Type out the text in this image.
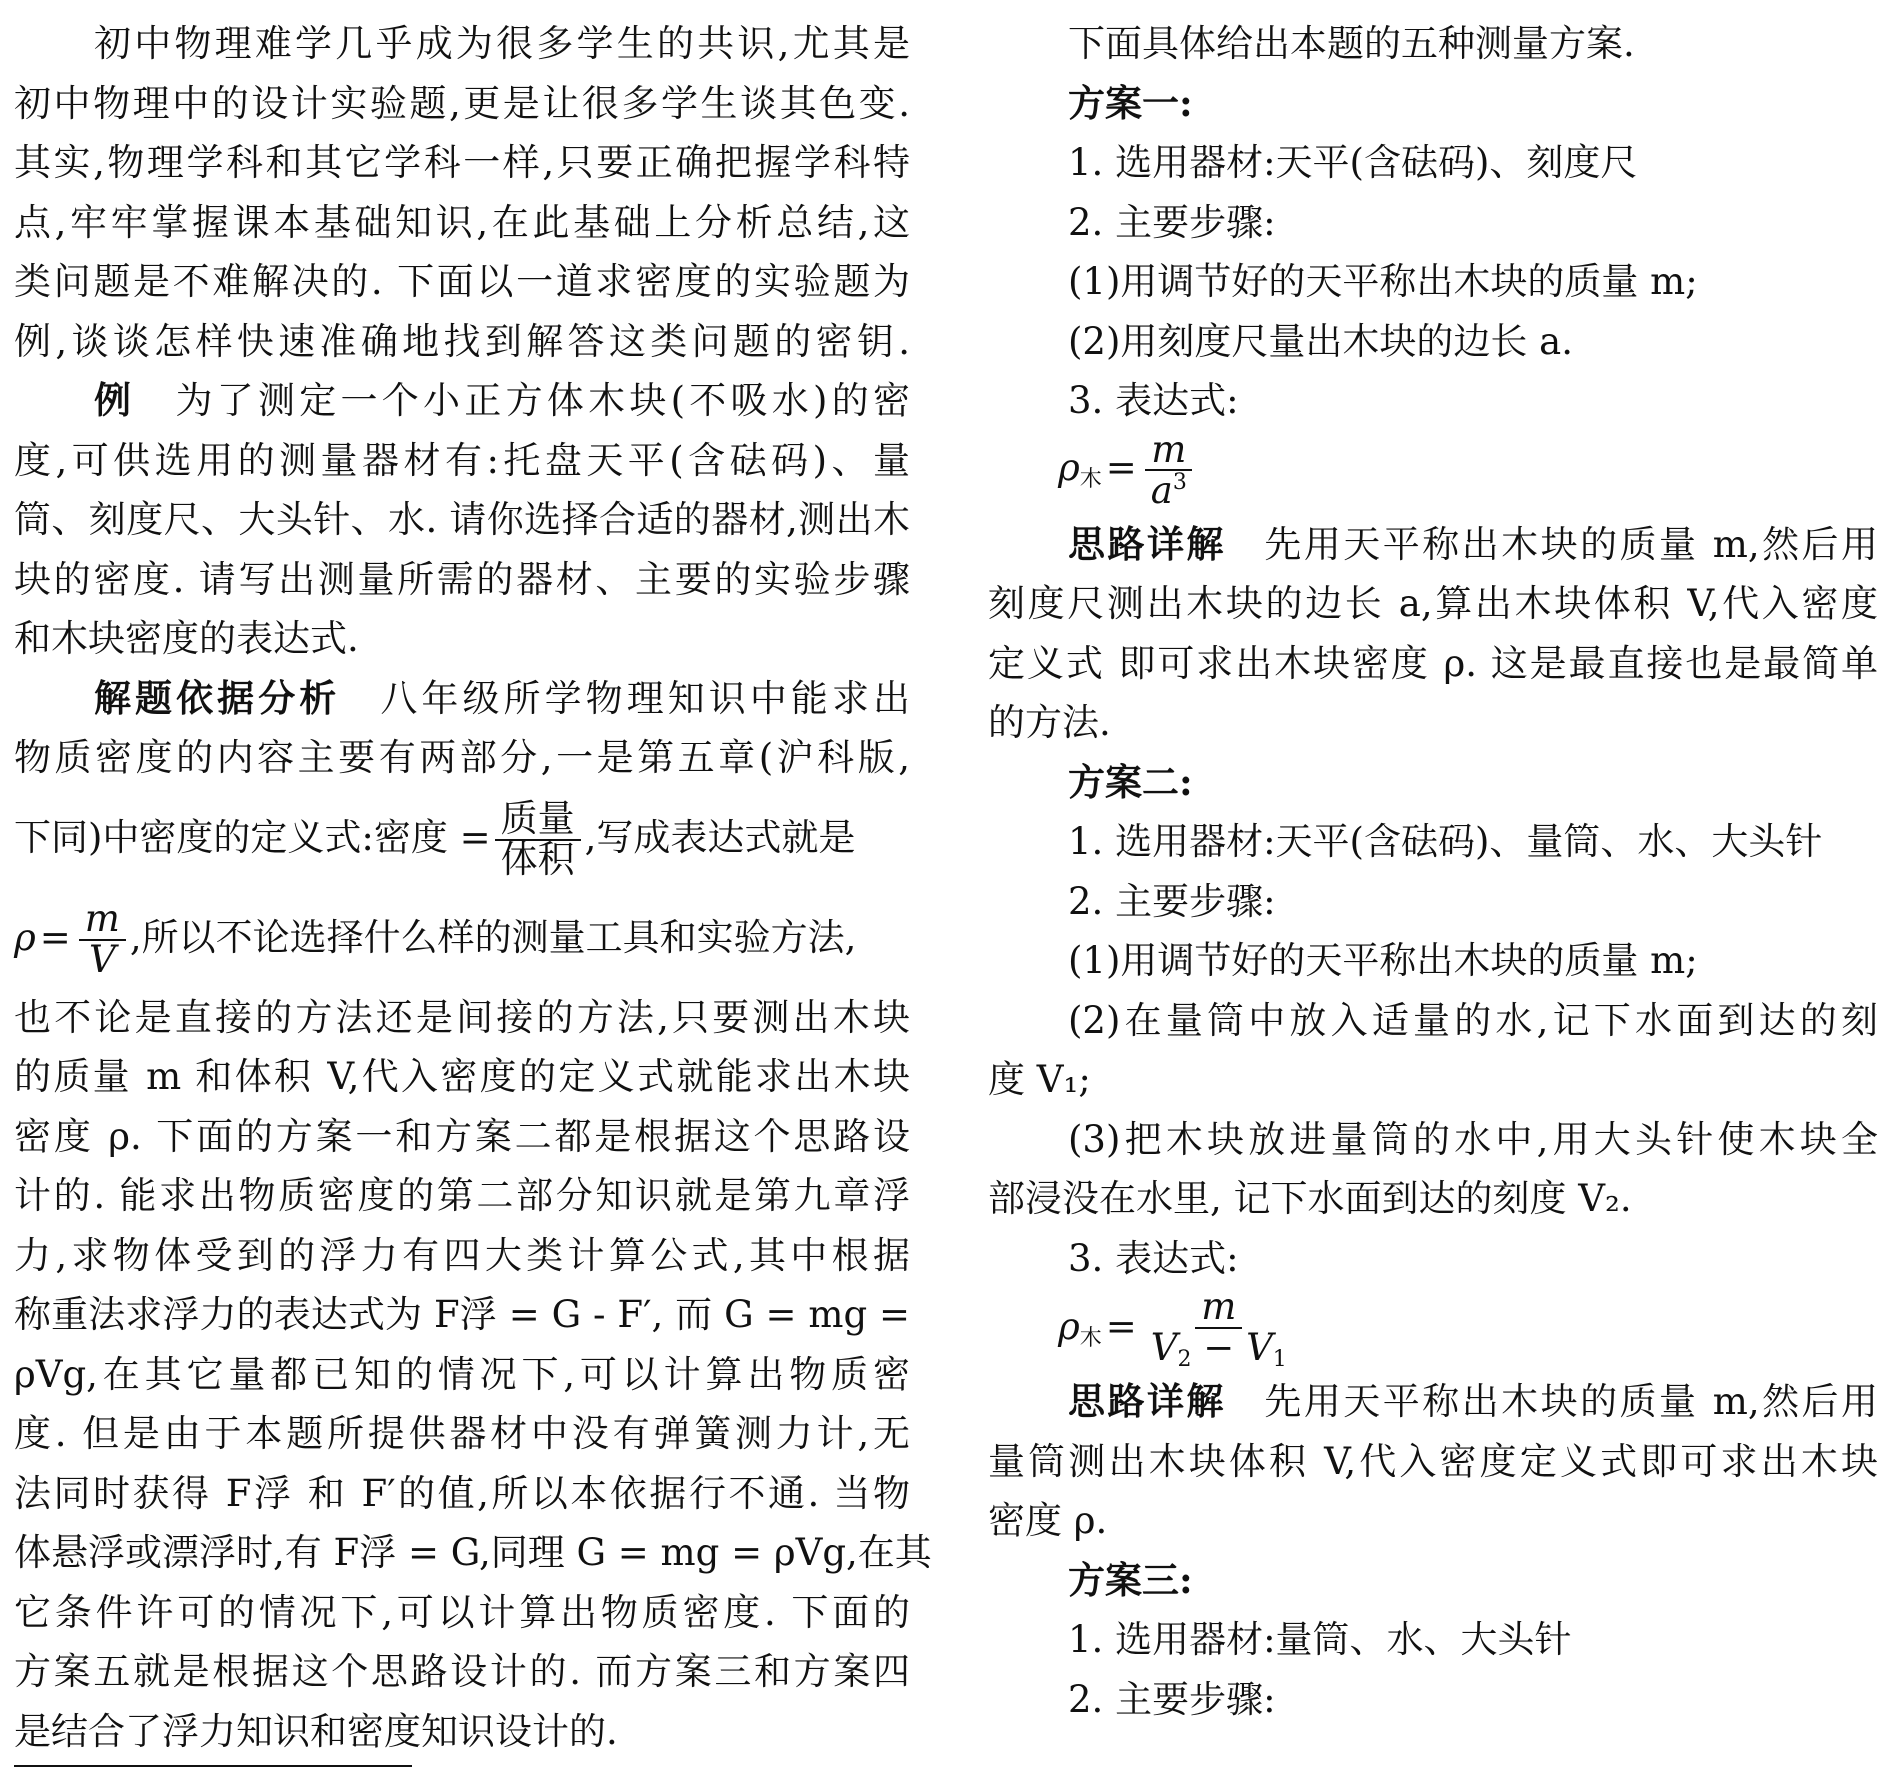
初中物理难学几乎成为很多学生的共识,尤其是
初中物理中的设计实验题,更是让很多学生谈其色变.
其实,物理学科和其它学科一样,只要正确把握学科特
点,牢牢掌握课本基础知识,在此基础上分析总结,这
类问题是不难解决的. 下面以一道求密度的实验题为
例,谈谈怎样快速准确地找到解答这类问题的密钥.
例 为了测定一个小正方体木块(不吸水)的密
度,可供选用的测量器材有:托盘天平(含砝码)、量
筒、刻度尺、大头针、水. 请你选择合适的器材,测出木
块的密度. 请写出测量所需的器材、主要的实验步骤
和木块密度的表达式.
解题依据分析 八年级所学物理知识中能求出
物质密度的内容主要有两部分,一是第五章(沪科版,
下同)中密度的定义式:密度 = $\frac{\text{质量}}{\text{体积}}$ ,写成表达式就是
$\rho = \frac{m}{V}$ ,所以不论选择什么样的测量工具和实验方法,
也不论是直接的方法还是间接的方法,只要测出木块
的质量 m 和体积 V,代入密度的定义式就能求出木块
密度 ρ. 下面的方案一和方案二都是根据这个思路设
计的. 能求出物质密度的第二部分知识就是第九章浮
力,求物体受到的浮力有四大类计算公式,其中根据
称重法求浮力的表达式为 F浮 = G - F′, 而 G = mg =
ρVg,在其它量都已知的情况下,可以计算出物质密
度. 但是由于本题所提供器材中没有弹簧测力计,无
法同时获得 F浮 和 F′的值,所以本依据行不通. 当物
体悬浮或漂浮时,有 F浮 = G,同理 G = mg = ρVg,在其
它条件许可的情况下,可以计算出物质密度. 下面的
方案五就是根据这个思路设计的. 而方案三和方案四
是结合了浮力知识和密度知识设计的.
下面具体给出本题的五种测量方案.
方案一:
1. 选用器材:天平(含砝码)、刻度尺
2. 主要步骤:
(1)用调节好的天平称出木块的质量 m;
(2)用刻度尺量出木块的边长 a.
3. 表达式:
$\rho_木 = \frac{m}{a^3}$
思路详解 先用天平称出木块的质量 m,然后用
刻度尺测出木块的边长 a,算出木块体积 V,代入密度
定义式 即可求出木块密度 ρ. 这是最直接也是最简单
的方法.
方案二:
1. 选用器材:天平(含砝码)、量筒、水、大头针
2. 主要步骤:
(1)用调节好的天平称出木块的质量 m;
(2)在量筒中放入适量的水,记下水面到达的刻
度 V₁;
(3)把木块放进量筒的水中,用大头针使木块全
部浸没在水里, 记下水面到达的刻度 V₂.
3. 表达式:
$\rho_木 = \frac{m}{V_2 - V_1}$
思路详解 先用天平称出木块的质量 m,然后用
量筒测出木块体积 V,代入密度定义式即可求出木块
密度 ρ.
方案三:
1. 选用器材:量筒、水、大头针
2. 主要步骤:
